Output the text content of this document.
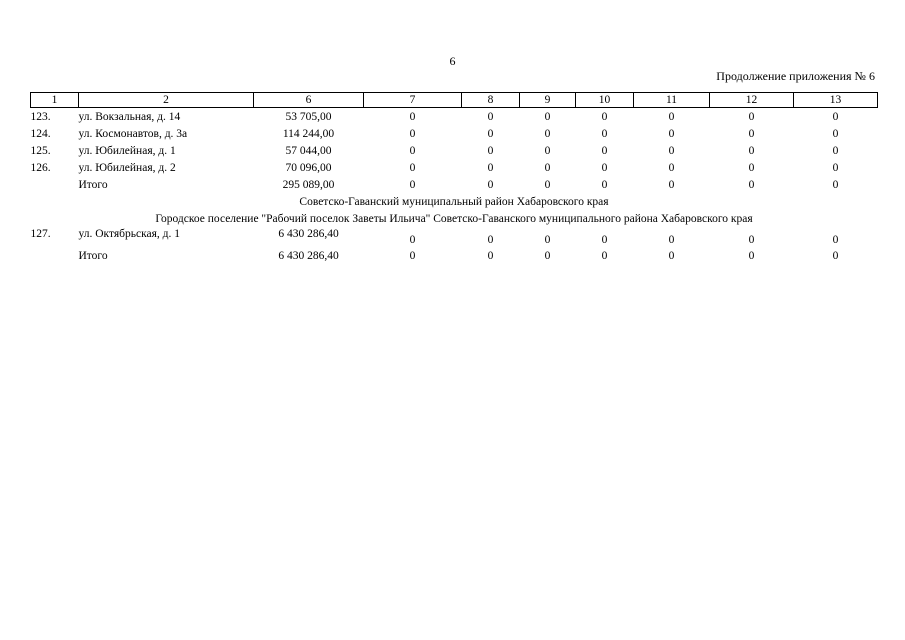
6
Продолжение приложения № 6
1	2	6	7	8	9	10	11	12	13
123.	ул. Вокзальная, д. 14	53 705,00	0	0	0	0	0	0	0
124.	ул. Космонавтов, д. 3а	114 244,00	0	0	0	0	0	0	0
125.	ул. Юбилейная, д. 1	57 044,00	0	0	0	0	0	0	0
126.	ул. Юбилейная, д. 2	70 096,00	0	0	0	0	0	0	0
	Итого	295 089,00	0	0	0	0	0	0	0
Советско-Гаванский муниципальный район Хабаровского края									
Городское поселение "Рабочий поселок Заветы Ильича" Советско-Гаванского муниципального района Хабаровского края									
127.	ул. Октябрьская, д. 1	6 430 286,40	0	0	0	0	0	0	0
	Итого	6 430 286,40	0	0	0	0	0	0	0
